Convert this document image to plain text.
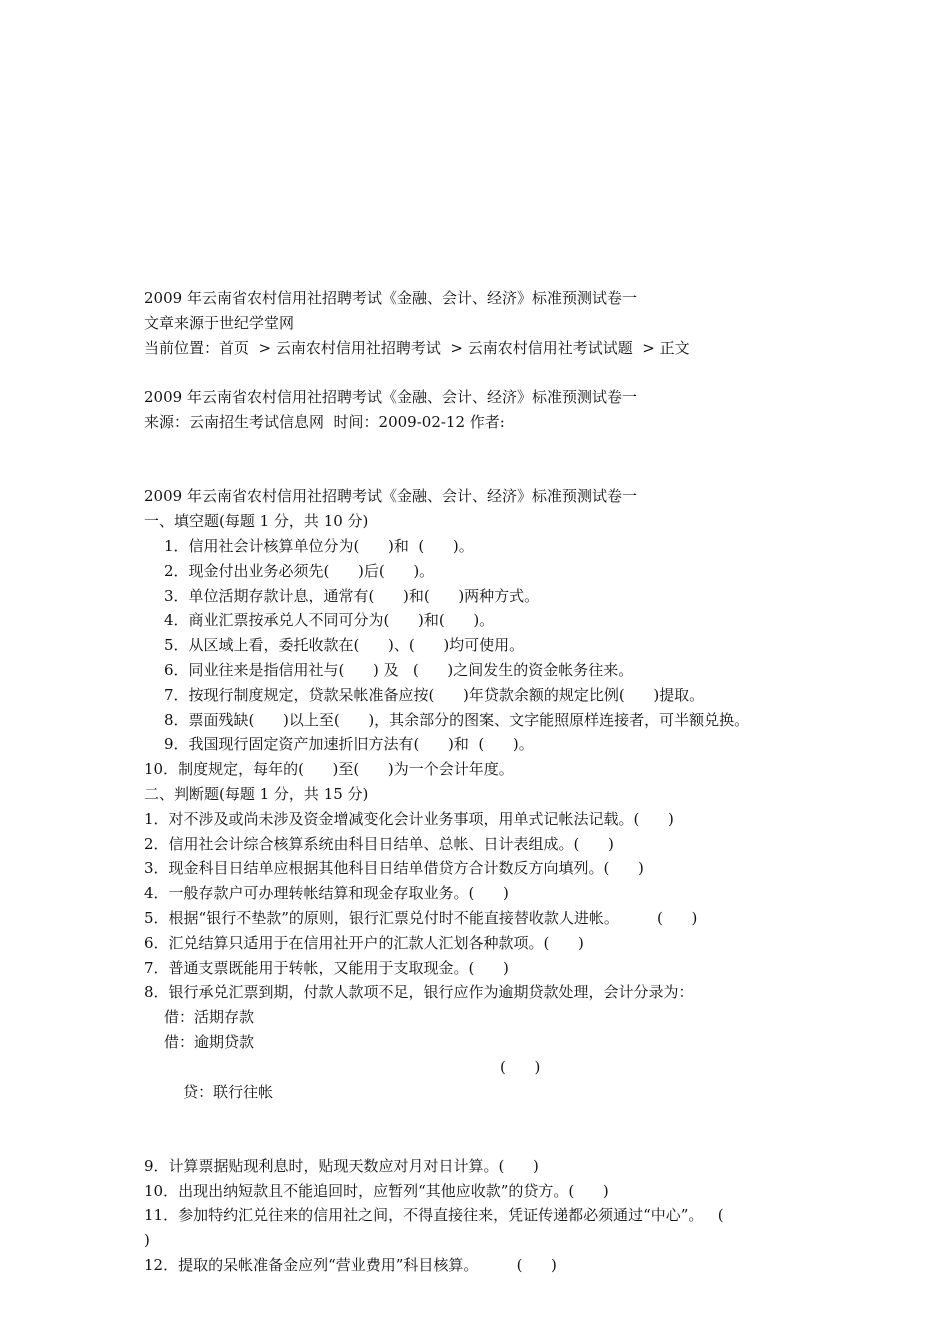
2009 年云南省农村信用社招聘考试《金融、会计、经济》标准预测试卷一
文章来源于世纪学堂网
当前位置：首页  > 云南农村信用社招聘考试  > 云南农村信用社考试试题  > 正文
2009 年云南省农村信用社招聘考试《金融、会计、经济》标准预测试卷一
来源：云南招生考试信息网  时间：2009-02-12 作者:
2009 年云南省农村信用社招聘考试《金融、会计、经济》标准预测试卷一
一、填空题(每题 1 分，共 10 分)
1．信用社会计核算单位分为(      )和  (      )。
2．现金付出业务必须先(      )后(      )。
3．单位活期存款计息，通常有(      )和(      )两种方式。
4．商业汇票按承兑人不同可分为(      )和(      )。
5．从区域上看，委托收款在(      )、(      )均可使用。
6．同业往来是指信用社与(      ) 及   (      )之间发生的资金帐务往来。
7．按现行制度规定，贷款呆帐准备应按(      )年贷款余额的规定比例(      )提取。
8．票面残缺(      )以上至(      )，其余部分的图案、文字能照原样连接者，可半额兑换。
9．我国现行固定资产加速折旧方法有(      )和  (      )。
10．制度规定，每年的(      )至(      )为一个会计年度。
二、判断题(每题 1 分，共 15 分)
1．对不涉及或尚未涉及资金增减变化会计业务事项，用单式记帐法记载。(      )
2．信用社会计综合核算系统由科目日结单、总帐、日计表组成。(      )
3．现金科目日结单应根据其他科目日结单借贷方合计数反方向填列。(      )
4．一般存款户可办理转帐结算和现金存取业务。(      )
5．根据“银行不垫款”的原则，银行汇票兑付时不能直接替收款人进帐。        (      )
6．汇兑结算只适用于在信用社开户的汇款人汇划各种款项。(      )
7．普通支票既能用于转帐，又能用于支取现金。(      )
8．银行承兑汇票到期，付款人款项不足，银行应作为逾期贷款处理，会计分录为：
借：活期存款
借：逾期贷款

贷：联行往帐

(      )

9．计算票据贴现利息时，贴现天数应对月对日计算。(      )
10．出现出纳短款且不能追回时，应暂列“其他应收款”的贷方。(      )
11．参加特约汇兑往来的信用社之间，不得直接往来，凭证传递都必须通过“中心”。   (
)
12．提取的呆帐准备金应列“营业费用”科目核算。        (      )
